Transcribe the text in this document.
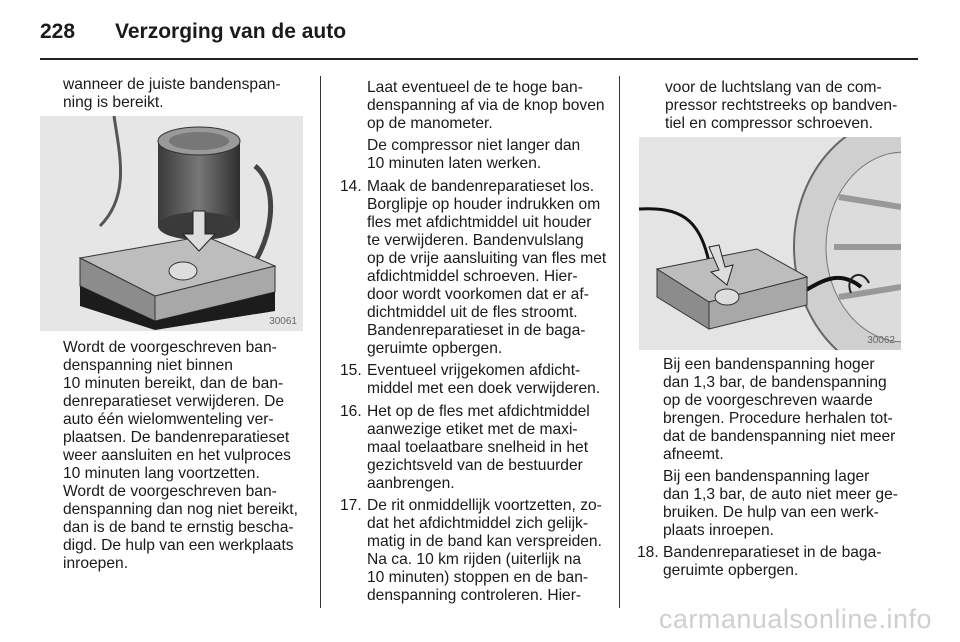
228 Verzorging van de auto
wanneer de juiste bandenspan-
ning is bereikt.
30061
Wordt de voorgeschreven ban-
denspanning niet binnen
10 minuten bereikt, dan de ban-
denreparatieset verwijderen. De
auto één wielomwenteling ver-
plaatsen. De bandenreparatieset
weer aansluiten en het vulproces
10 minuten lang voortzetten.
Wordt de voorgeschreven ban-
denspanning dan nog niet bereikt,
dan is de band te ernstig bescha-
digd. De hulp van een werkplaats
inroepen.
Laat eventueel de te hoge ban-
denspanning af via de knop boven
op de manometer.
De compressor niet langer dan
10 minuten laten werken.
14. Maak de bandenreparatieset los.
Borglipje op houder indrukken om
fles met afdichtmiddel uit houder
te verwijderen. Bandenvulslang
op de vrije aansluiting van fles met
afdichtmiddel schroeven. Hier-
door wordt voorkomen dat er af-
dichtmiddel uit de fles stroomt.
Bandenreparatieset in de baga-
geruimte opbergen.
15. Eventueel vrijgekomen afdicht-
middel met een doek verwijderen.
16. Het op de fles met afdichtmiddel
aanwezige etiket met de maxi-
maal toelaatbare snelheid in het
gezichtsveld van de bestuurder
aanbrengen.
17. De rit onmiddellijk voortzetten, zo-
dat het afdichtmiddel zich gelijk-
matig in de band kan verspreiden.
Na ca. 10 km rijden (uiterlijk na
10 minuten) stoppen en de ban-
denspanning controleren. Hier-
voor de luchtslang van de com-
pressor rechtstreeks op bandven-
tiel en compressor schroeven.
30062
Bij een bandenspanning hoger
dan 1,3 bar, de bandenspanning
op de voorgeschreven waarde
brengen. Procedure herhalen tot-
dat de bandenspanning niet meer
afneemt.
Bij een bandenspanning lager
dan 1,3 bar, de auto niet meer ge-
bruiken. De hulp van een werk-
plaats inroepen.
18. Bandenreparatieset in de baga-
geruimte opbergen.
carmanualsonline.info
